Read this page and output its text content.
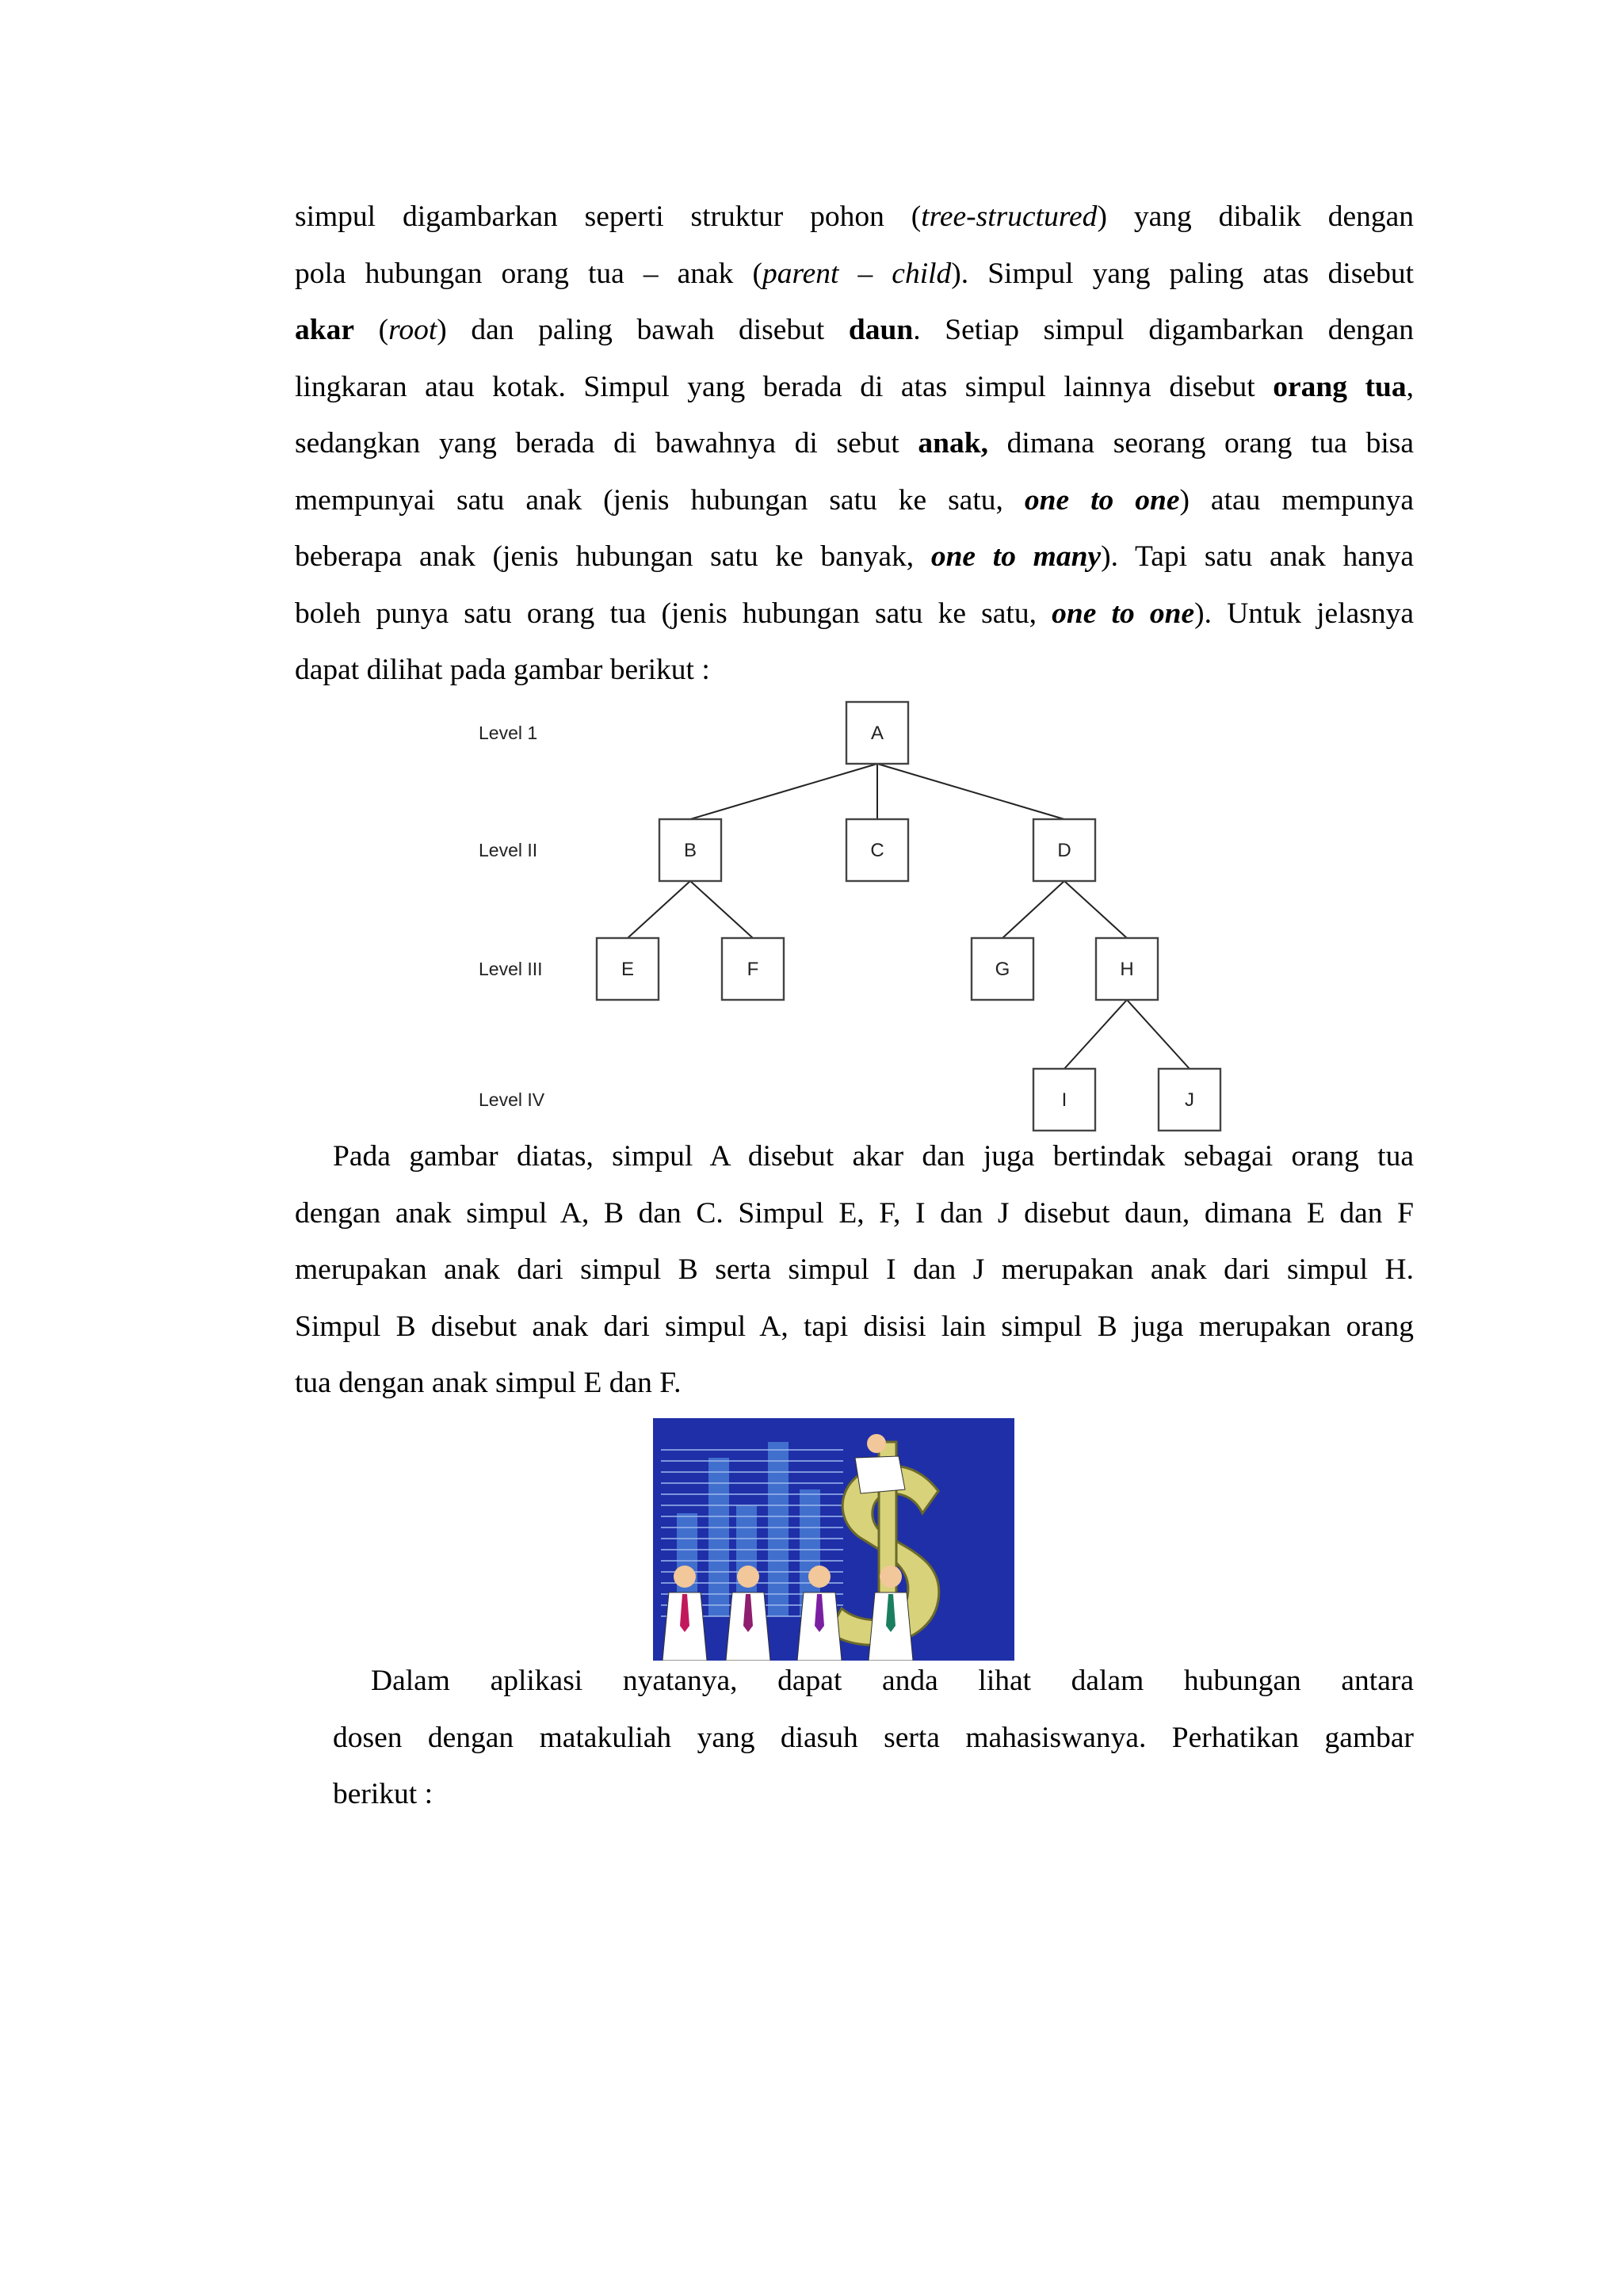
simpul digambarkan seperti struktur pohon (tree-structured) yang dibalik dengan
pola hubungan orang tua – anak (parent – child). Simpul yang paling atas disebut
akar (root) dan paling bawah disebut daun. Setiap simpul digambarkan dengan
lingkaran atau kotak. Simpul yang berada di atas simpul lainnya disebut orang tua,
sedangkan yang berada di bawahnya di sebut anak, dimana seorang orang tua bisa
mempunyai satu anak (jenis hubungan satu ke satu, one to one) atau mempunya
beberapa anak (jenis hubungan satu ke banyak, one to many). Tapi satu anak hanya
boleh punya satu orang tua (jenis hubungan satu ke satu, one to one). Untuk jelasnya
dapat dilihat pada gambar berikut :
Level 1
Level II
Level III
Level IV
A
B	C	D
E	F	G	H
I	J
Pada gambar diatas, simpul A disebut akar dan juga bertindak sebagai orang tua
dengan anak simpul A, B dan C. Simpul E, F, I dan J disebut daun, dimana E dan F
merupakan anak dari simpul B serta simpul I dan J merupakan anak dari simpul H.
Simpul B disebut anak dari simpul A, tapi disisi lain simpul B juga merupakan orang
tua dengan anak simpul E dan F.
Dalam aplikasi nyatanya, dapat anda lihat dalam hubungan antara
dosen dengan matakuliah yang diasuh serta mahasiswanya. Perhatikan gambar
berikut :
